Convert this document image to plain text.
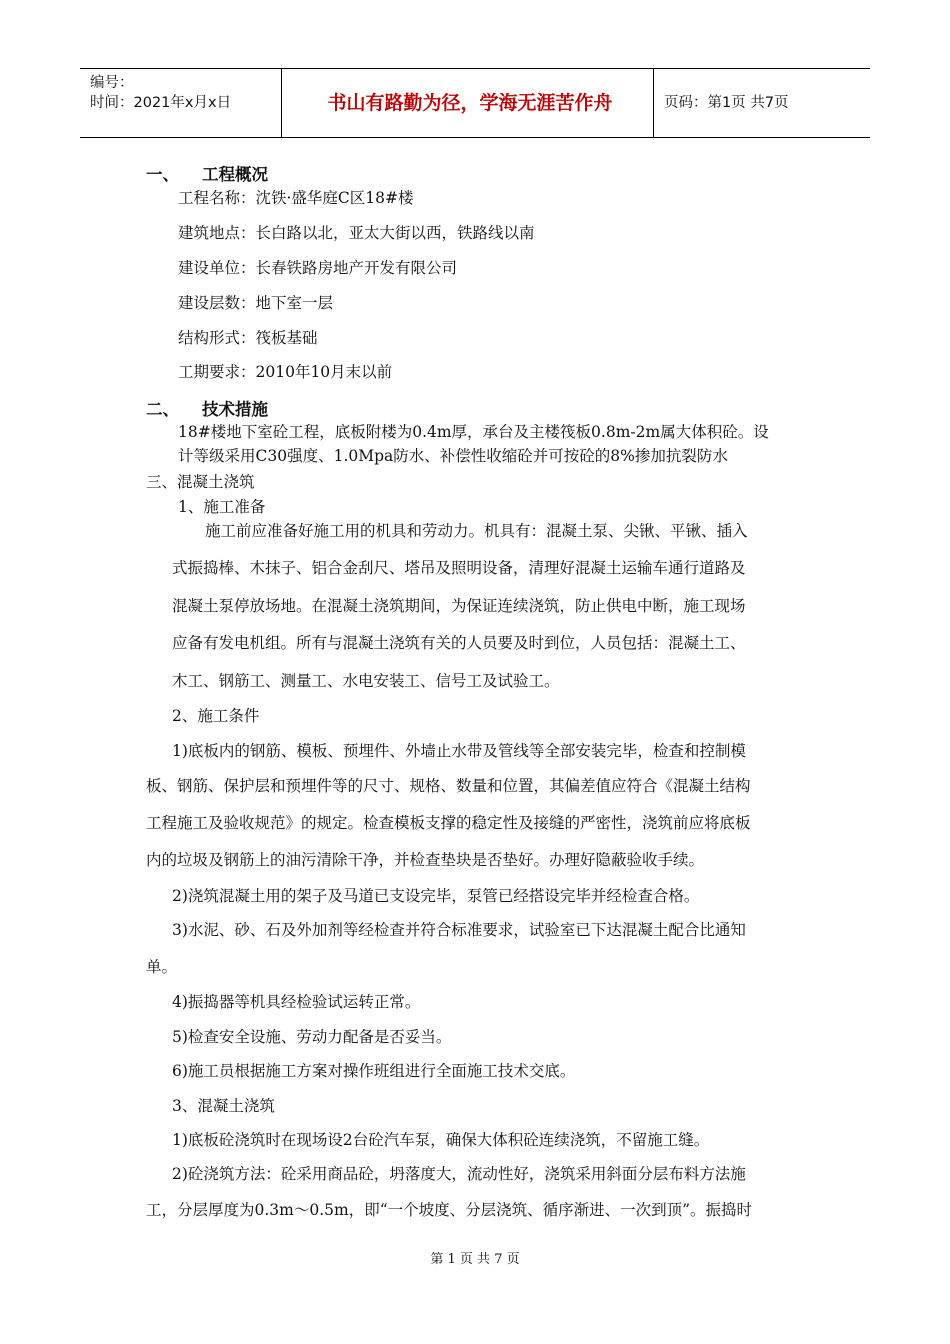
编号：
时间：2021年x月x日	书山有路勤为径，学海无涯苦作舟	页码：第1页 共7页
一、 工程概况
工程名称：沈铁·盛华庭C区18#楼
建筑地点：长白路以北，亚太大街以西，铁路线以南
建设单位：长春铁路房地产开发有限公司
建设层数：地下室一层
结构形式：筏板基础
工期要求：2010年10月末以前
二、 技术措施
18#楼地下室砼工程，底板附楼为0.4m厚，承台及主楼筏板0.8m-2m属大体积砼。设
计等级采用C30强度、1.0Mpa防水、补偿性收缩砼并可按砼的8%掺加抗裂防水
三、混凝土浇筑
1、施工准备
施工前应准备好施工用的机具和劳动力。机具有：混凝土泵、尖锹、平锹、插入
式振捣棒、木抹子、铝合金刮尺、塔吊及照明设备，清理好混凝土运输车通行道路及
混凝土泵停放场地。在混凝土浇筑期间，为保证连续浇筑，防止供电中断，施工现场
应备有发电机组。所有与混凝土浇筑有关的人员要及时到位，人员包括：混凝土工、
木工、钢筋工、测量工、水电安装工、信号工及试验工。
2、施工条件
1)底板内的钢筋、模板、预埋件、外墙止水带及管线等全部安装完毕，检查和控制模
板、钢筋、保护层和预埋件等的尺寸、规格、数量和位置，其偏差值应符合《混凝土结构
工程施工及验收规范》的规定。检查模板支撑的稳定性及接缝的严密性，浇筑前应将底板
内的垃圾及钢筋上的油污清除干净，并检查垫块是否垫好。办理好隐蔽验收手续。
2)浇筑混凝土用的架子及马道已支设完毕，泵管已经搭设完毕并经检查合格。
3)水泥、砂、石及外加剂等经检查并符合标准要求，试验室已下达混凝土配合比通知
单。
4)振捣器等机具经检验试运转正常。
5)检查安全设施、劳动力配备是否妥当。
6)施工员根据施工方案对操作班组进行全面施工技术交底。
3、混凝土浇筑
1)底板砼浇筑时在现场设2台砼汽车泵，确保大体积砼连续浇筑，不留施工缝。
2)砼浇筑方法：砼采用商品砼，坍落度大，流动性好，浇筑采用斜面分层布料方法施
工，分层厚度为0.3m～0.5m，即“一个坡度、分层浇筑、循序渐进、一次到顶”。振捣时
第 1 页 共 7 页
